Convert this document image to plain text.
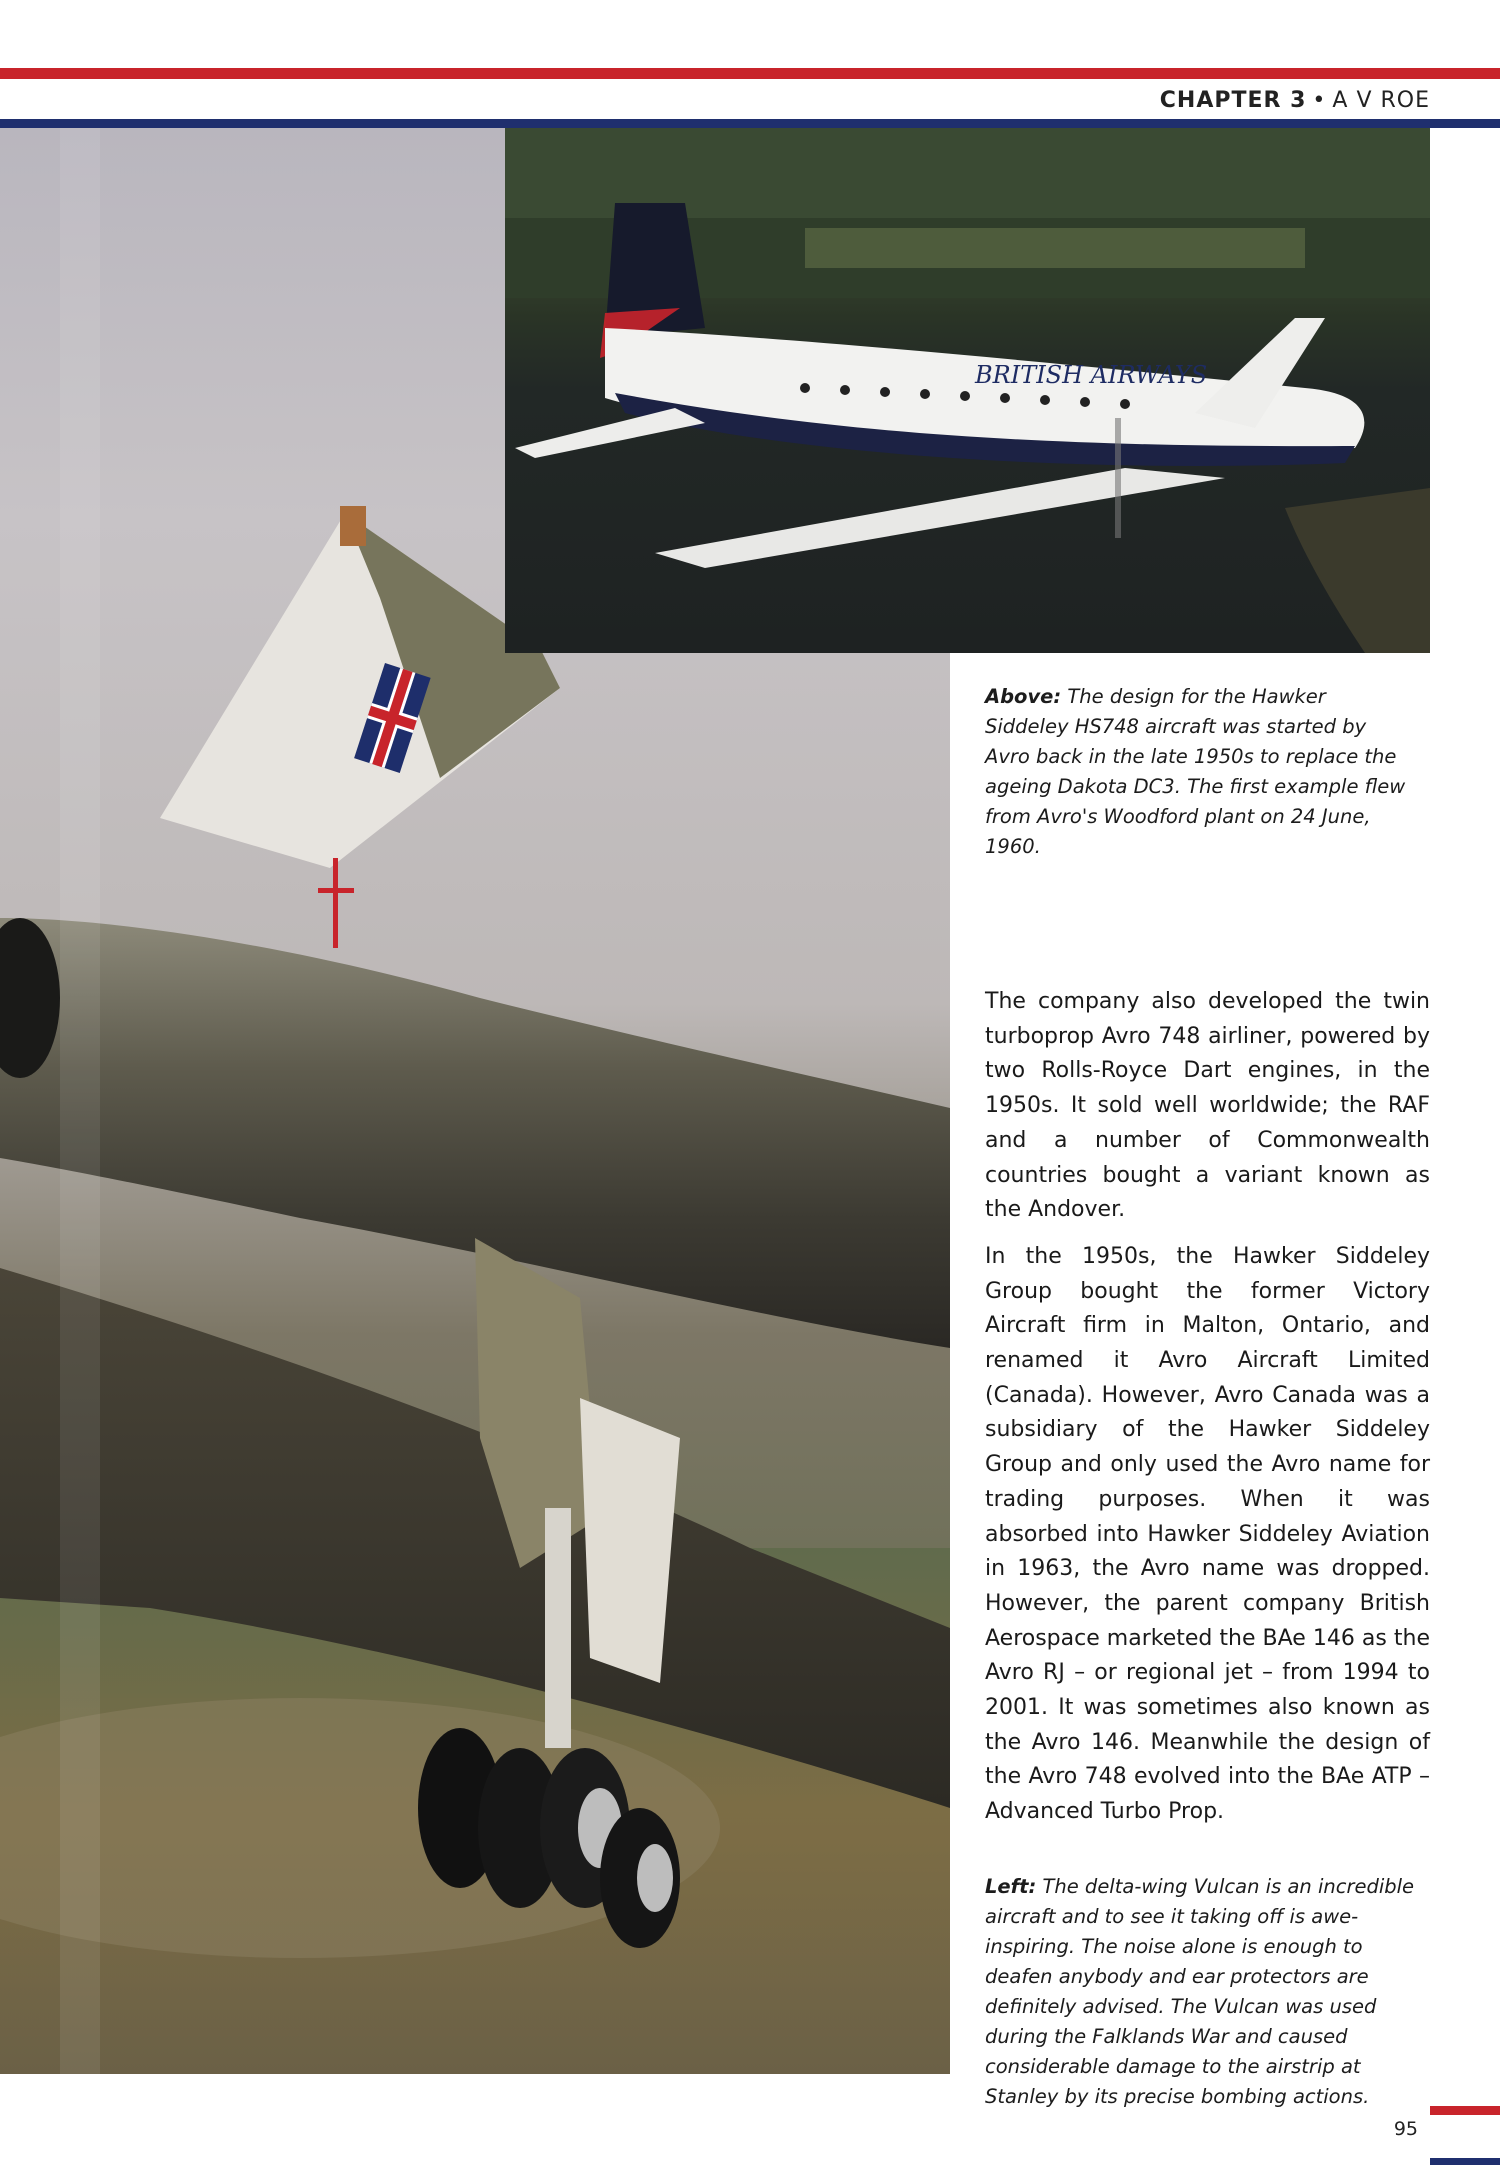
CHAPTER 3 • A V ROE
BRITISH AIRWAYS
Above: The design for the Hawker Siddeley HS748 aircraft was started by Avro back in the late 1950s to replace the ageing Dakota DC3. The first example flew from Avro's Woodford plant on 24 June, 1960.

The company also developed the twin turboprop Avro 748 airliner, powered by two Rolls-Royce Dart engines, in the 1950s. It sold well worldwide; the RAF and a number of Commonwealth countries bought a variant known as the Andover.

In the 1950s, the Hawker Siddeley Group bought the former Victory Aircraft firm in Malton, Ontario, and renamed it Avro Aircraft Limited (Canada). However, Avro Canada was a subsidiary of the Hawker Siddeley Group and only used the Avro name for trading purposes. When it was absorbed into Hawker Siddeley Aviation in 1963, the Avro name was dropped. However, the parent company British Aerospace marketed the BAe 146 as the Avro RJ – or regional jet – from 1994 to 2001. It was sometimes also known as the Avro 146. Meanwhile the design of the Avro 748 evolved into the BAe ATP – Advanced Turbo Prop.

Left: The delta-wing Vulcan is an incredible aircraft and to see it taking off is awe-inspiring. The noise alone is enough to deafen anybody and ear protectors are definitely advised. The Vulcan was used during the Falklands War and caused considerable damage to the airstrip at Stanley by its precise bombing actions.
95
